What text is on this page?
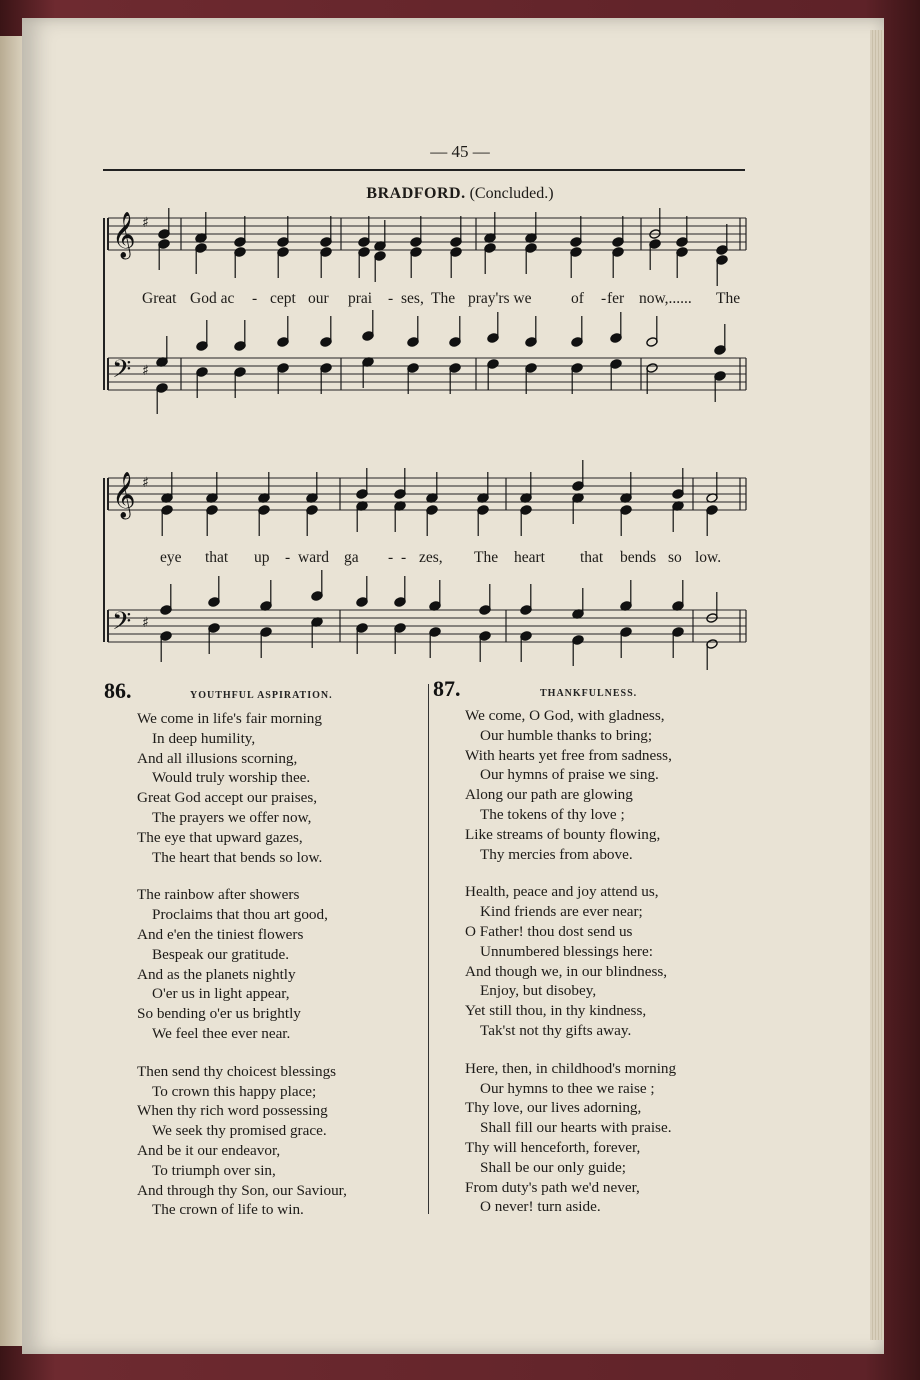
— 45 —
BRADFORD. (Concluded.)
𝄞 ♯
𝄢 ♯
𝄞 ♯
𝄢 ♯
Great God ac - cept our prai - ses, The pray'rs we	of - fer now,...... The
eye that up - ward ga - - zes, The heart that bends so low.
86.	YOUTHFUL ASPIRATION.
We come in life's fair morning
In deep humility,
And all illusions scorning,
Would truly worship thee.
Great God accept our praises,
The prayers we offer now,
The eye that upward gazes,
The heart that bends so low.
The rainbow after showers
Proclaims that thou art good,
And e'en the tiniest flowers
Bespeak our gratitude.
And as the planets nightly
O'er us in light appear,
So bending o'er us brightly
We feel thee ever near.
Then send thy choicest blessings
To crown this happy place;
When thy rich word possessing
We seek thy promised grace.
And be it our endeavor,
To triumph over sin,
And through thy Son, our Saviour,
The crown of life to win.
87.	THANKFULNESS.
We come, O God, with gladness,
Our humble thanks to bring;
With hearts yet free from sadness,
Our hymns of praise we sing.
Along our path are glowing
The tokens of thy love ;
Like streams of bounty flowing,
Thy mercies from above.
Health, peace and joy attend us,
Kind friends are ever near;
O Father! thou dost send us
Unnumbered blessings here:
And though we, in our blindness,
Enjoy, but disobey,
Yet still thou, in thy kindness,
Tak'st not thy gifts away.
Here, then, in childhood's morning
Our hymns to thee we raise ;
Thy love, our lives adorning,
Shall fill our hearts with praise.
Thy will henceforth, forever,
Shall be our only guide;
From duty's path we'd never,
O never! turn aside.
